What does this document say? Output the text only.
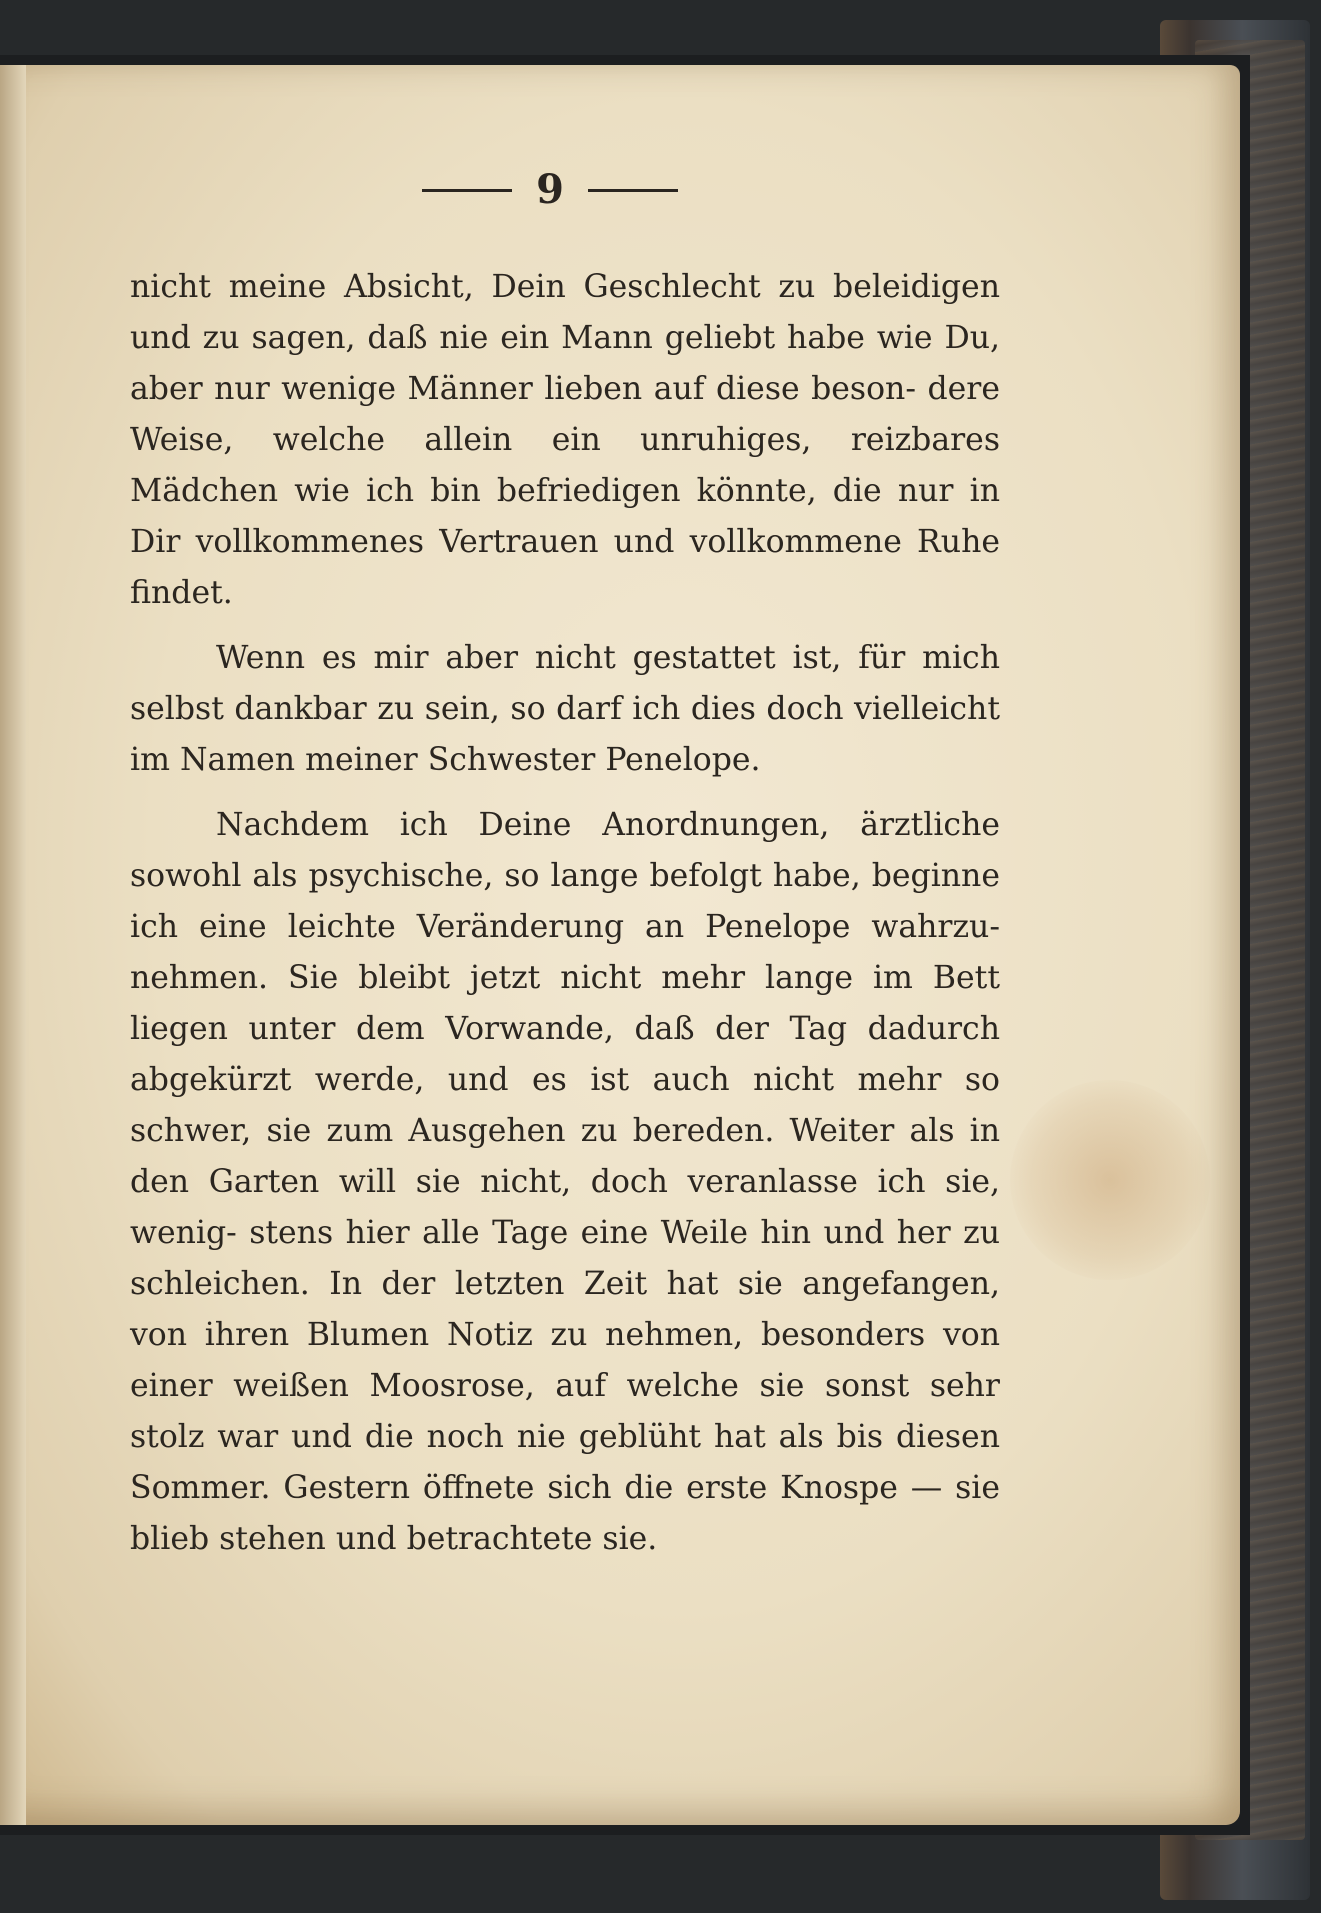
9

nicht meine Absicht, Dein Geschlecht zu beleidigen und zu sagen, daß nie ein Mann geliebt habe wie Du, aber nur wenige Männer lieben auf diese beson- dere Weise, welche allein ein unruhiges, reizbares Mädchen wie ich bin befriedigen könnte, die nur in Dir vollkommenes Vertrauen und vollkommene Ruhe findet.

Wenn es mir aber nicht gestattet ist, für mich selbst dankbar zu sein, so darf ich dies doch vielleicht im Namen meiner Schwester Penelope.

Nachdem ich Deine Anordnungen, ärztliche sowohl als psychische, so lange befolgt habe, beginne ich eine leichte Veränderung an Penelope wahrzu- nehmen. Sie bleibt jetzt nicht mehr lange im Bett liegen unter dem Vorwande, daß der Tag dadurch abgekürzt werde, und es ist auch nicht mehr so schwer, sie zum Ausgehen zu bereden. Weiter als in den Garten will sie nicht, doch veranlasse ich sie, wenig- stens hier alle Tage eine Weile hin und her zu schleichen. In der letzten Zeit hat sie angefangen, von ihren Blumen Notiz zu nehmen, besonders von einer weißen Moosrose, auf welche sie sonst sehr stolz war und die noch nie geblüht hat als bis diesen Sommer. Gestern öffnete sich die erste Knospe — sie blieb stehen und betrachtete sie.
